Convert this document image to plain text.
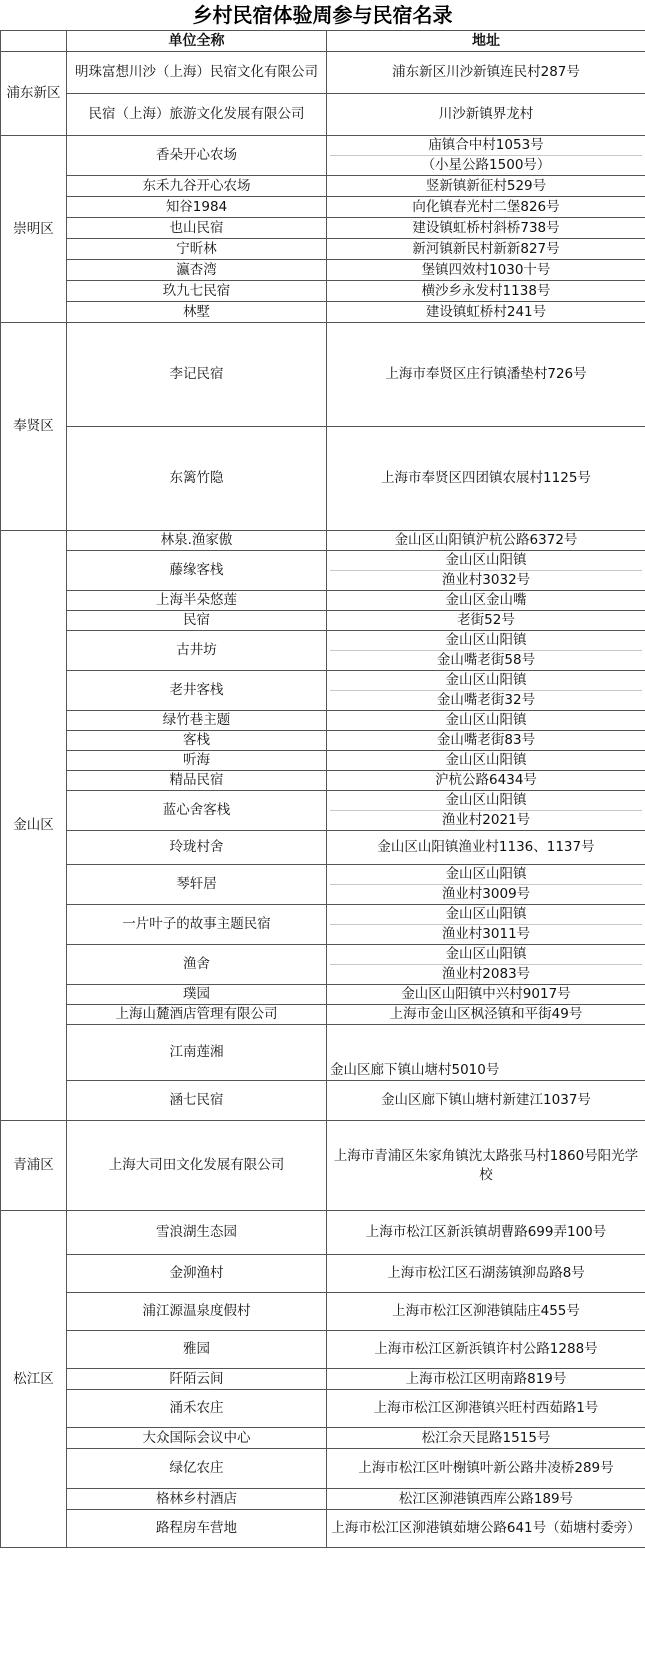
乡村民宿体验周参与民宿名录
	单位全称	地址
浦东新区	明珠富想川沙（上海）民宿文化有限公司	浦东新区川沙新镇连民村287号

	民宿（上海）旅游文化发展有限公司	川沙新镇界龙村

崇明区	香朵开心农场	庙镇合中村1053号
（小星公路1500号）

	东禾九谷开心农场	竖新镇新征村529号

	知谷1984	向化镇春光村二堡826号

	也山民宿	建设镇虹桥村斜桥738号

	宁昕林	新河镇新民村新新827号

	瀛杏湾	堡镇四效村1030十号

	玖九七民宿	横沙乡永发村1138号

	林墅	建设镇虹桥村241号

奉贤区	李记民宿	上海市奉贤区庄行镇潘垫村726号

	东篱竹隐	上海市奉贤区四团镇农展村1125号

金山区	林泉.渔家傲	金山区山阳镇沪杭公路6372号

	藤缘客栈	金山区山阳镇
渔业村3032号

	上海半朵悠莲	金山区金山嘴

	民宿	老街52号

	古井坊	金山区山阳镇
金山嘴老街58号

	老井客栈	金山区山阳镇
金山嘴老街32号

	绿竹巷主题	金山区山阳镇

	客栈	金山嘴老街83号

	听海	金山区山阳镇

	精品民宿	沪杭公路6434号

	蓝心舍客栈	金山区山阳镇
渔业村2021号

	玲珑村舍	金山区山阳镇渔业村1136、1137号

	琴轩居	金山区山阳镇
渔业村3009号

	一片叶子的故事主题民宿	金山区山阳镇
渔业村3011号

	渔舍	金山区山阳镇
渔业村2083号

	璞园	金山区山阳镇中兴村9017号

	上海山麓酒店管理有限公司	上海市金山区枫泾镇和平街49号

	江南莲湘	金山区廊下镇山塘村5010号

	涵七民宿	金山区廊下镇山塘村新建江1037号

青浦区	上海大司田文化发展有限公司	上海市青浦区朱家角镇沈太路张马村1860号阳光学校

松江区	雪浪湖生态园	上海市松江区新浜镇胡曹路699弄100号

	金泖渔村	上海市松江区石湖荡镇泖岛路8号

	浦江源温泉度假村	上海市松江区泖港镇陆庄455号

	雅园	上海市松江区新浜镇许村公路1288号

	阡陌云间	上海市松江区明南路819号

	涌禾农庄	上海市松江区泖港镇兴旺村西茹路1号

	大众国际会议中心	松江佘天昆路1515号

	绿亿农庄	上海市松江区叶榭镇叶新公路井凌桥289号

	格林乡村酒店	松江区泖港镇西库公路189号

	路程房车营地	上海市松江区泖港镇茹塘公路641号（茹塘村委旁）
